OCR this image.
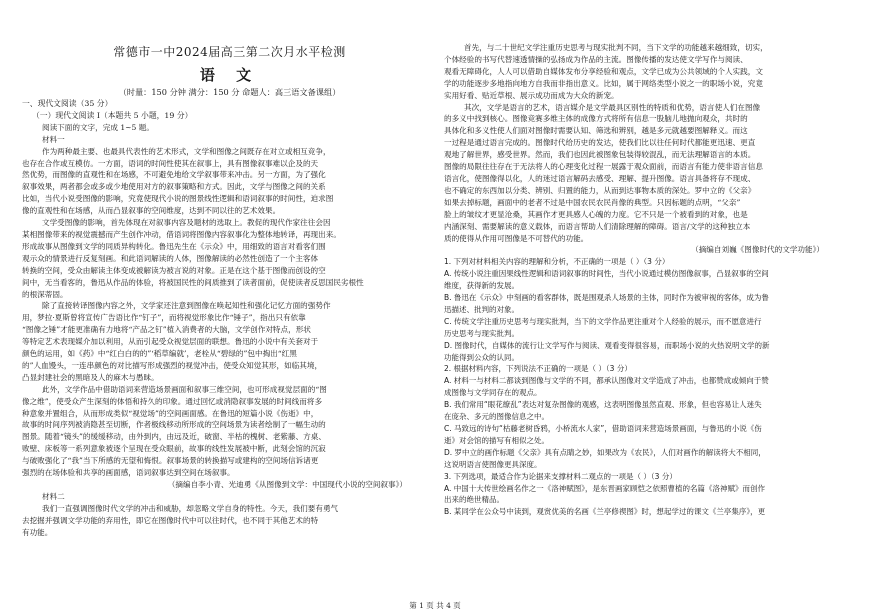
常德市一中2024届高三第二次月水平检测
语 文
（时量：150 分钟 满分：150 分 命题人：高三语文备课组）
一、现代文阅读（35 分）
（一）现代文阅读 I（本题共 5 小题，19 分）
阅读下面的文字，完成 1~5 题。
材料一
作为两种最主要、也最具代表性的艺术形式，文学和图像之间既存在对立或相互竞争，
也存在合作或互模仿。一方面，语词的时间性使其在叙事上，具有图像叙事难以企及的天
然优势，而图像的直观性和在场感，不可避免地给文学叙事带来冲击。另一方面，为了强化
叙事效果，两者都会或多或少地使用对方的叙事策略和方式。因此，文学与图像之间的关系
比如，当代小说受图像的影响，究竟使现代小说的图景线性逻辑和语词叙事的时间性，迫求图
像的直观性和在场感，从而凸显叙事的空间维度，达到不同以往的艺术效果。
文学受图像的影响，首先体现在对叙事内容及题材的选取上。教促的现代作家往往会因
某相图像带来的视觉震撼而产生创作冲动，借语词将图像内容叙事化为整体地转译，再现出来。
形成故事从图像到文学的同质异构转化。鲁迅先生在《示众》中，用细致的语言对看客们围
观示众的情景进行反复刻画。和此语词解读的人体，图像解读的必然性创造了一个主客体
转换的空间，受众由解读主体变成被解读为被言说的对象。正是在这个基于图像而创设的空
间中，无当看客的，鲁迅从作品的体验，将被国民性的间质推到了读者面前，促使读者反思国民劣根性
的根深蒂固。
除了直接转译图像内容之外，文学家还注意到图像在唤起知性和强化记忆方面的强势作
用，梦拉·夏斯曾将宣传广告语比作“钉子”，而将视觉形象比作“锤子”，指出只有依靠
“图像之锤”才能更准确有力地将“产品之钉”植入消费者的大脑，文学创作对特点，形状
等特定艺术表现媒介加以利用，从而引起受众视觉层面的联想。鲁迅的小说中有关套对于
颜色的运用，如《药》中“红白白的的”‘稻草编就’，老栓从“碧绿的”包中掏出“红黑
的”人血馒头，一连串颜色的对比描写形成强烈的视觉冲击，使受众知觉其形，如临其境，
凸显封建社会的黑暗及人的麻木与愚昧。
此外，文学作品中借助语词来营造场景画面和叙事三维空间，也可形成视觉层面的“图
像之维”，使受众产生深刻的体悟和持久的印象。通过回忆或消隐叙事发展的时间线而将多
种意象并置组合，从而形成类似“视觉场”的空间画面感。在鲁迅的短篇小说《伤逝》中，
故事的时间序列被消隐甚至切断，作者极线移动所形成的空间场景为读者绘制了一幅生动的
图景。随着“镜头”的缓缓移动，由外到内，由远及近，破窗、半枯的槐树、老紫藤、方桌、
败壁、床板等一系列意象被逐个呈现在受众眼前，故事的线性发展被中断，此刻会馆的沉寂
与破败强化了“我”当下所感的无望和悔恨。叙事场景的转换描写或建构的空间场信诉诸更
强烈的在场体验和共享的画面感，语词叙事达到空间在场叙事。
（摘编自李小青、光迪勇《从图像到文学：中国现代小说的空间叙事》）
材料二
我们一直强调图像时代文学的冲击和威胁，却忽略文学自身的特性。今天，我们要有勇气
去挖掘并强调文学功能的弃用性，即它在图像时代中可以往时代，也不同于其他艺术的特
有功能。
首先，与二十世纪文学注重历史思考与现实批判不同，当下文学的功能越来越细致，切实，
个体经验的书写代替速透情操的弘扬成为作品的主流。图像传播的发达使文学写作与阅读、
观看无障碍化，人人可以借助自媒体发布分享经验和观点，文学已成为公共领域的个人实践，文
学的功能逐步多地指向地方自我而非指出意义。比如，属于网络类型小说之一的职场小说，究竟
实用好看、贴近草根、展示成功而成为大众的新宠。
其次，文学是语言的艺术，语言媒介是文学最具区别性的特质和优势，语言使人们在图像
的多义中找到核心。图像竞赛多维主体的成像方式将所有信息一股脑儿地抛向观众，共时的
具体化和多义性使人们面对图像时需要认知、筛选和辨别，越是多元就越要图解释义。而这
一过程是通过语言完成的。图像时代给历史的发达，使我们比以往任何时代都能更迅速、更直
观地了解世界，感受世界。然而，我们也因此被图象包装得较混乱，而无法理解语言的本质。
图像的局限往往存在于无法将人的心理变化过程一展露于观众面前，而语言有能力使非语言信息
语言化，使图像得以化，人的迷过语言解码去感受、理解、提升图像。语言具备将存不现成、
也不确定的东西加以分类、辨别、归置的能力，从而到达事物本质的深处。罗中立的《父亲》
如果去掉标题，画面中的老者不过是中国农民农民肖像的典型。只因标题的点明，“父亲”
脸上的皱纹才更显沧桑，其画作才更具感人心魄的力度。它不只是一个被看到的对象，也是
内涵深刻、需要解读的意义载体，而语言帮助人们清除理解的障碍。语言/文学的这种独立本
质的使得从作用可图像是不可替代的功能。
（摘编自刘巍《图像时代的文学功能》）
1. 下列对材料相关内容的理解和分析，不正确的一项是（ ）（3 分）
A. 传统小说注重因果线性逻辑和语词叙事的时间性，当代小说通过模仿图像叙事，凸显叙事的空间
维度，获得新的发展。
B. 鲁迅在《示众》中刻画的看客群体，既是围观杀人场景的主体，同时作为被审视的客体，成为鲁
迅描述、批判的对象。
C. 传统文学注重历史思考与现实批判，当下的文学作品更注重对个人经验的展示，而不愿意进行
历史思考与现实批判。
D. 图像时代，自媒体的流行让文学写作与阅读、观看变得很容易，而职场小说的火热说明文学的新
功能得到公众的认同。
2. 根据材料内容，下列说法不正确的一项是（ ）（3 分）
A. 材料一与材料二都谈到图像与文学的不同，都承认图像对文学造成了冲击，也都赞成或倾向于赞
成图像与文学同存在的观点。
B. 我们常用“眼花缭乱”表达对复杂图像的观感，这表明图像虽然直观、形象，但也容易让人迷失
在庞杂、多元的图像信息之中。
C. 马致远的诗句“枯藤老树昏鸦，小桥流水人家”，借助语词来营造场景画面，与鲁迅的小说《伤
逝》对会馆的描写有相似之处。
D. 罗中立的画作标题《父亲》具有点睛之妙，如果改为《农民》，人们对画作的解读将大不相同，
这说明语言使图像更具深度。
3. 下列选项，最适合作为论据来支撑材料二观点的一项是（ ）（3 分）
A. 中国十大传世绘画名作之一《洛神赋图》，是东晋画家顾恺之依照曹植的名篇《洛神赋》而创作
出来的绝世精品。
B. 某同学在公众号中读到，观赏优美的名画《兰亭修禊图》时，想起学过的课文《兰亭集序》，更
第 1 页 共 4 页
